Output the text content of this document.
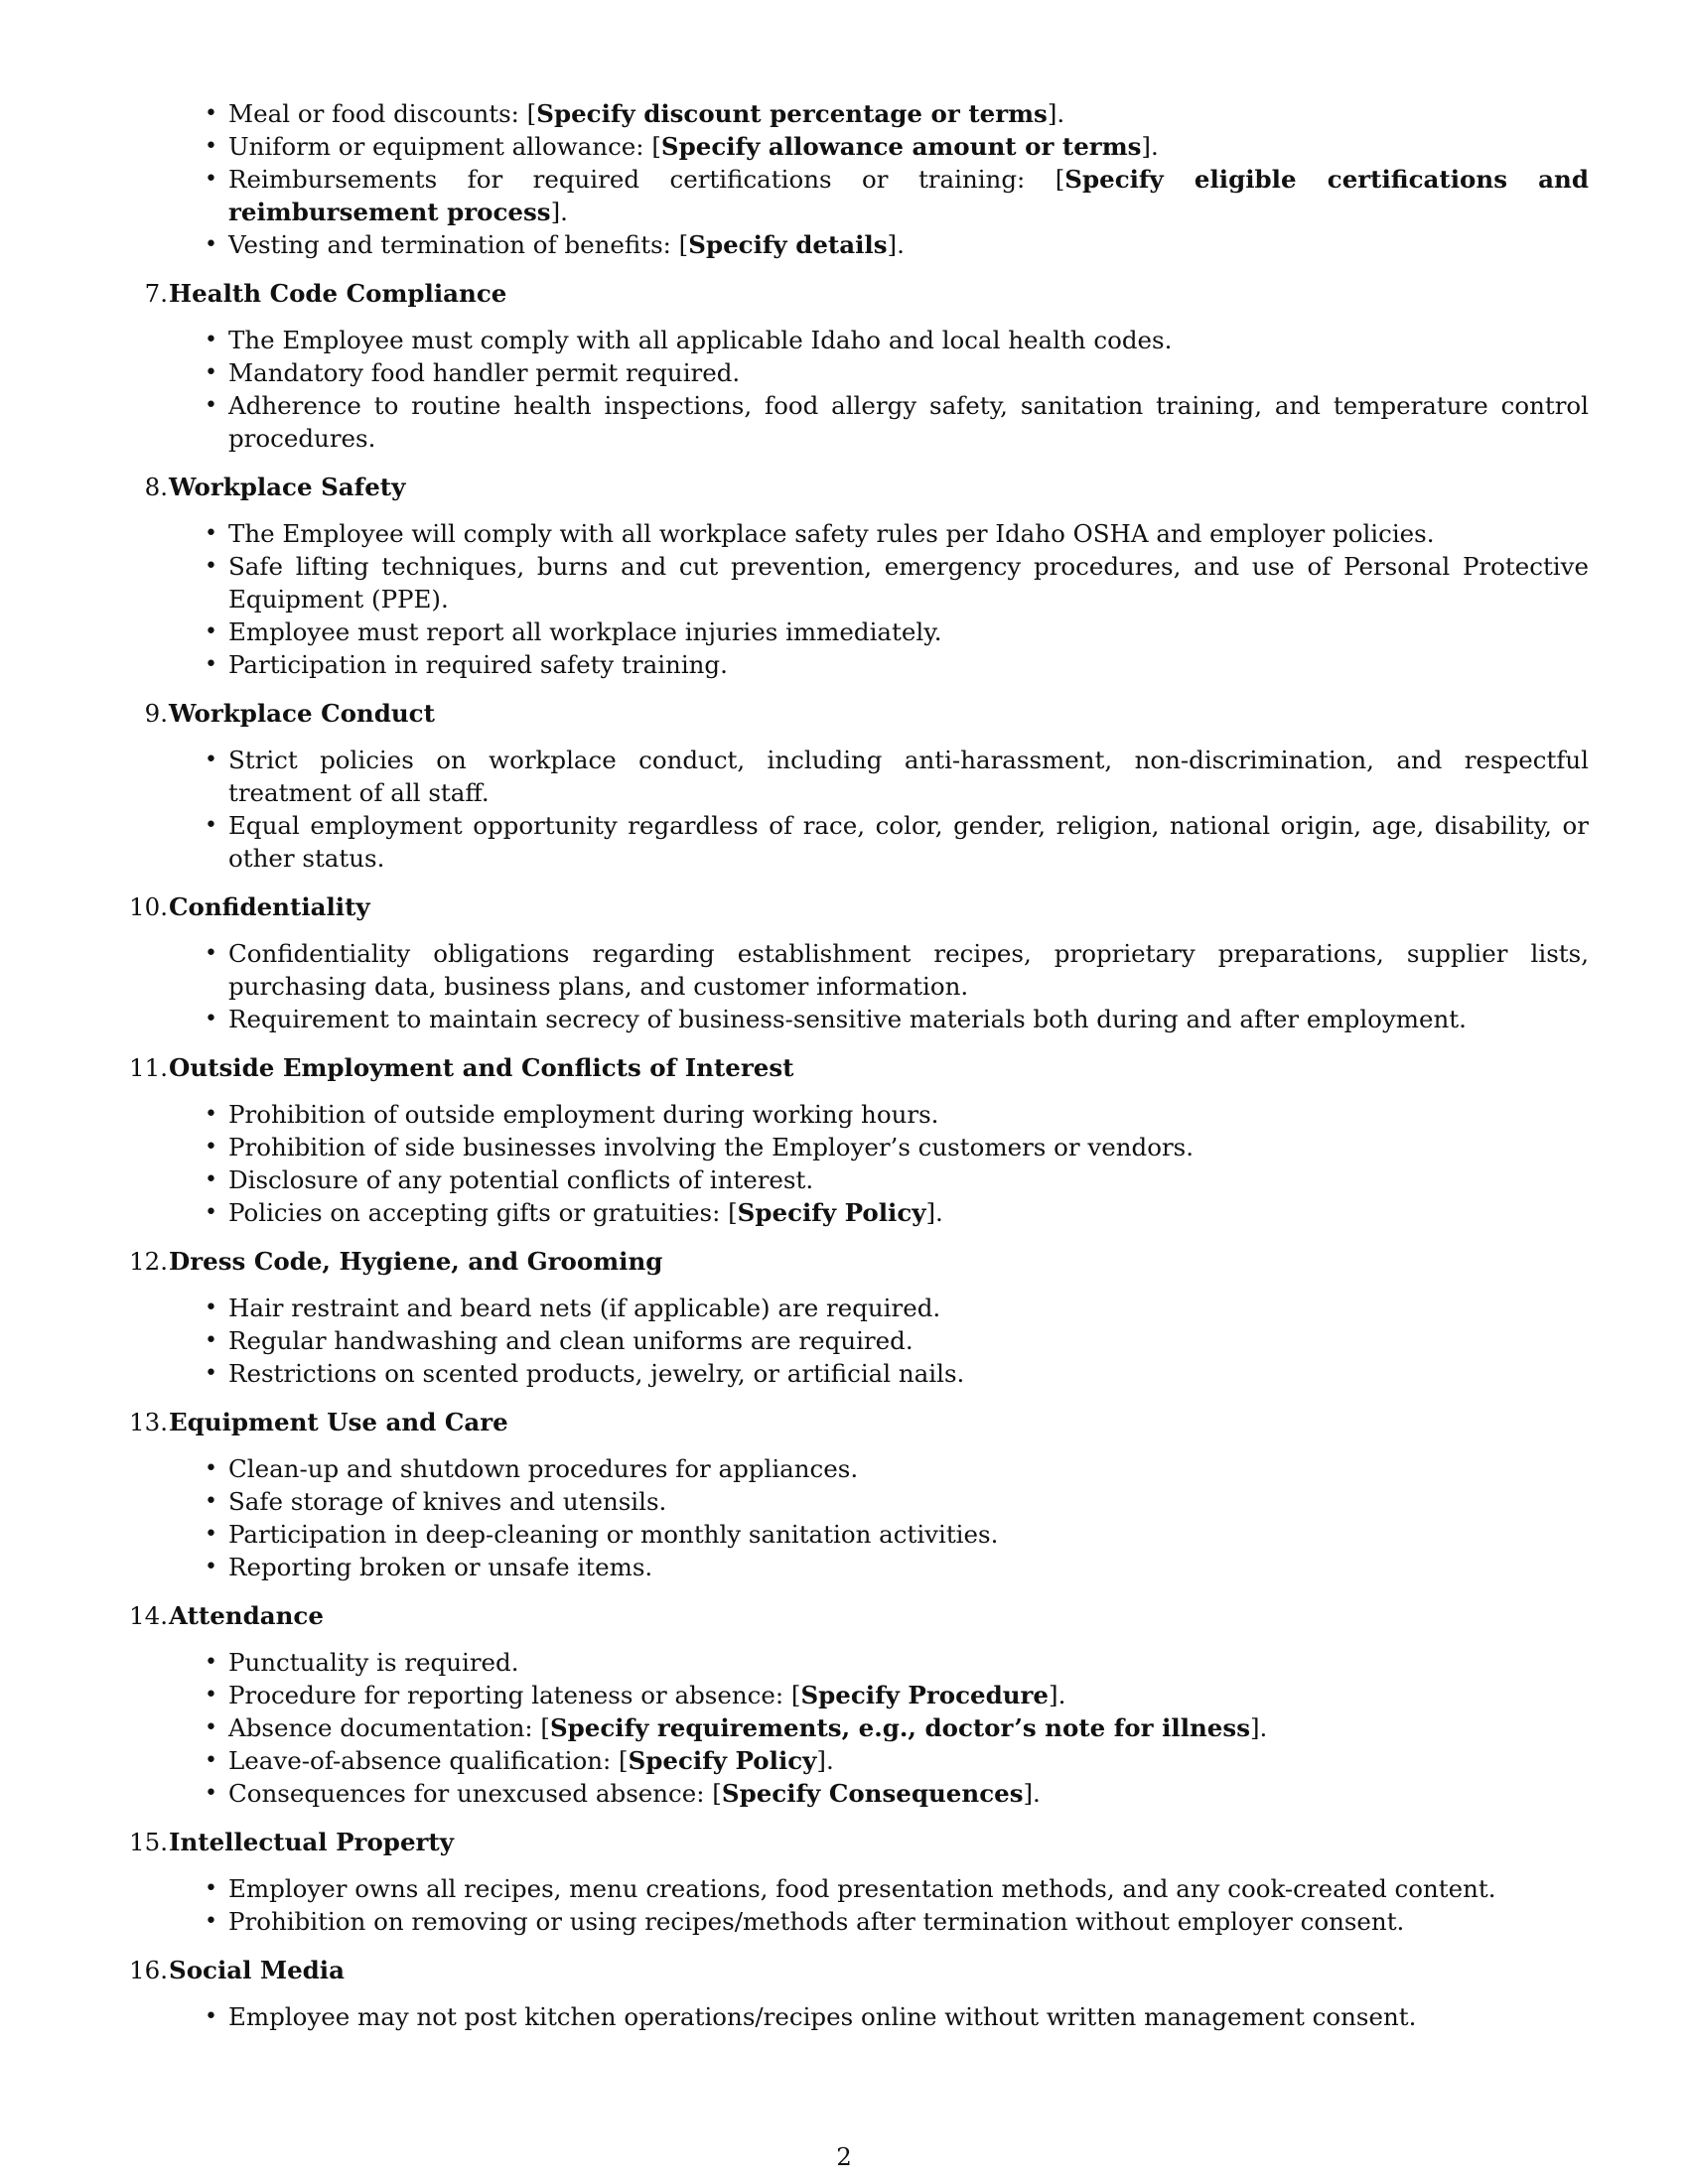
• Meal or food discounts: [Specify discount percentage or terms].
• Uniform or equipment allowance: [Specify allowance amount or terms].
• Reimbursements for required certifications or training: [Specify eligible certifications and reimbursement process].
• Vesting and termination of benefits: [Specify details].
7. Health Code Compliance
• The Employee must comply with all applicable Idaho and local health codes.
• Mandatory food handler permit required.
• Adherence to routine health inspections, food allergy safety, sanitation training, and temperature control procedures.
8. Workplace Safety
• The Employee will comply with all workplace safety rules per Idaho OSHA and employer policies.
• Safe lifting techniques, burns and cut prevention, emergency procedures, and use of Personal Protective Equipment (PPE).
• Employee must report all workplace injuries immediately.
• Participation in required safety training.
9. Workplace Conduct
• Strict policies on workplace conduct, including anti-harassment, non-discrimination, and respectful treatment of all staff.
• Equal employment opportunity regardless of race, color, gender, religion, national origin, age, disability, or other status.
10. Confidentiality
• Confidentiality obligations regarding establishment recipes, proprietary preparations, supplier lists, purchasing data, business plans, and customer information.
• Requirement to maintain secrecy of business-sensitive materials both during and after employment.
11. Outside Employment and Conflicts of Interest
• Prohibition of outside employment during working hours.
• Prohibition of side businesses involving the Employer’s customers or vendors.
• Disclosure of any potential conflicts of interest.
• Policies on accepting gifts or gratuities: [Specify Policy].
12. Dress Code, Hygiene, and Grooming
• Hair restraint and beard nets (if applicable) are required.
• Regular handwashing and clean uniforms are required.
• Restrictions on scented products, jewelry, or artificial nails.
13. Equipment Use and Care
• Clean-up and shutdown procedures for appliances.
• Safe storage of knives and utensils.
• Participation in deep-cleaning or monthly sanitation activities.
• Reporting broken or unsafe items.
14. Attendance
• Punctuality is required.
• Procedure for reporting lateness or absence: [Specify Procedure].
• Absence documentation: [Specify requirements, e.g., doctor’s note for illness].
• Leave-of-absence qualification: [Specify Policy].
• Consequences for unexcused absence: [Specify Consequences].
15. Intellectual Property
• Employer owns all recipes, menu creations, food presentation methods, and any cook-created content.
• Prohibition on removing or using recipes/methods after termination without employer consent.
16. Social Media
• Employee may not post kitchen operations/recipes online without written management consent.
2
